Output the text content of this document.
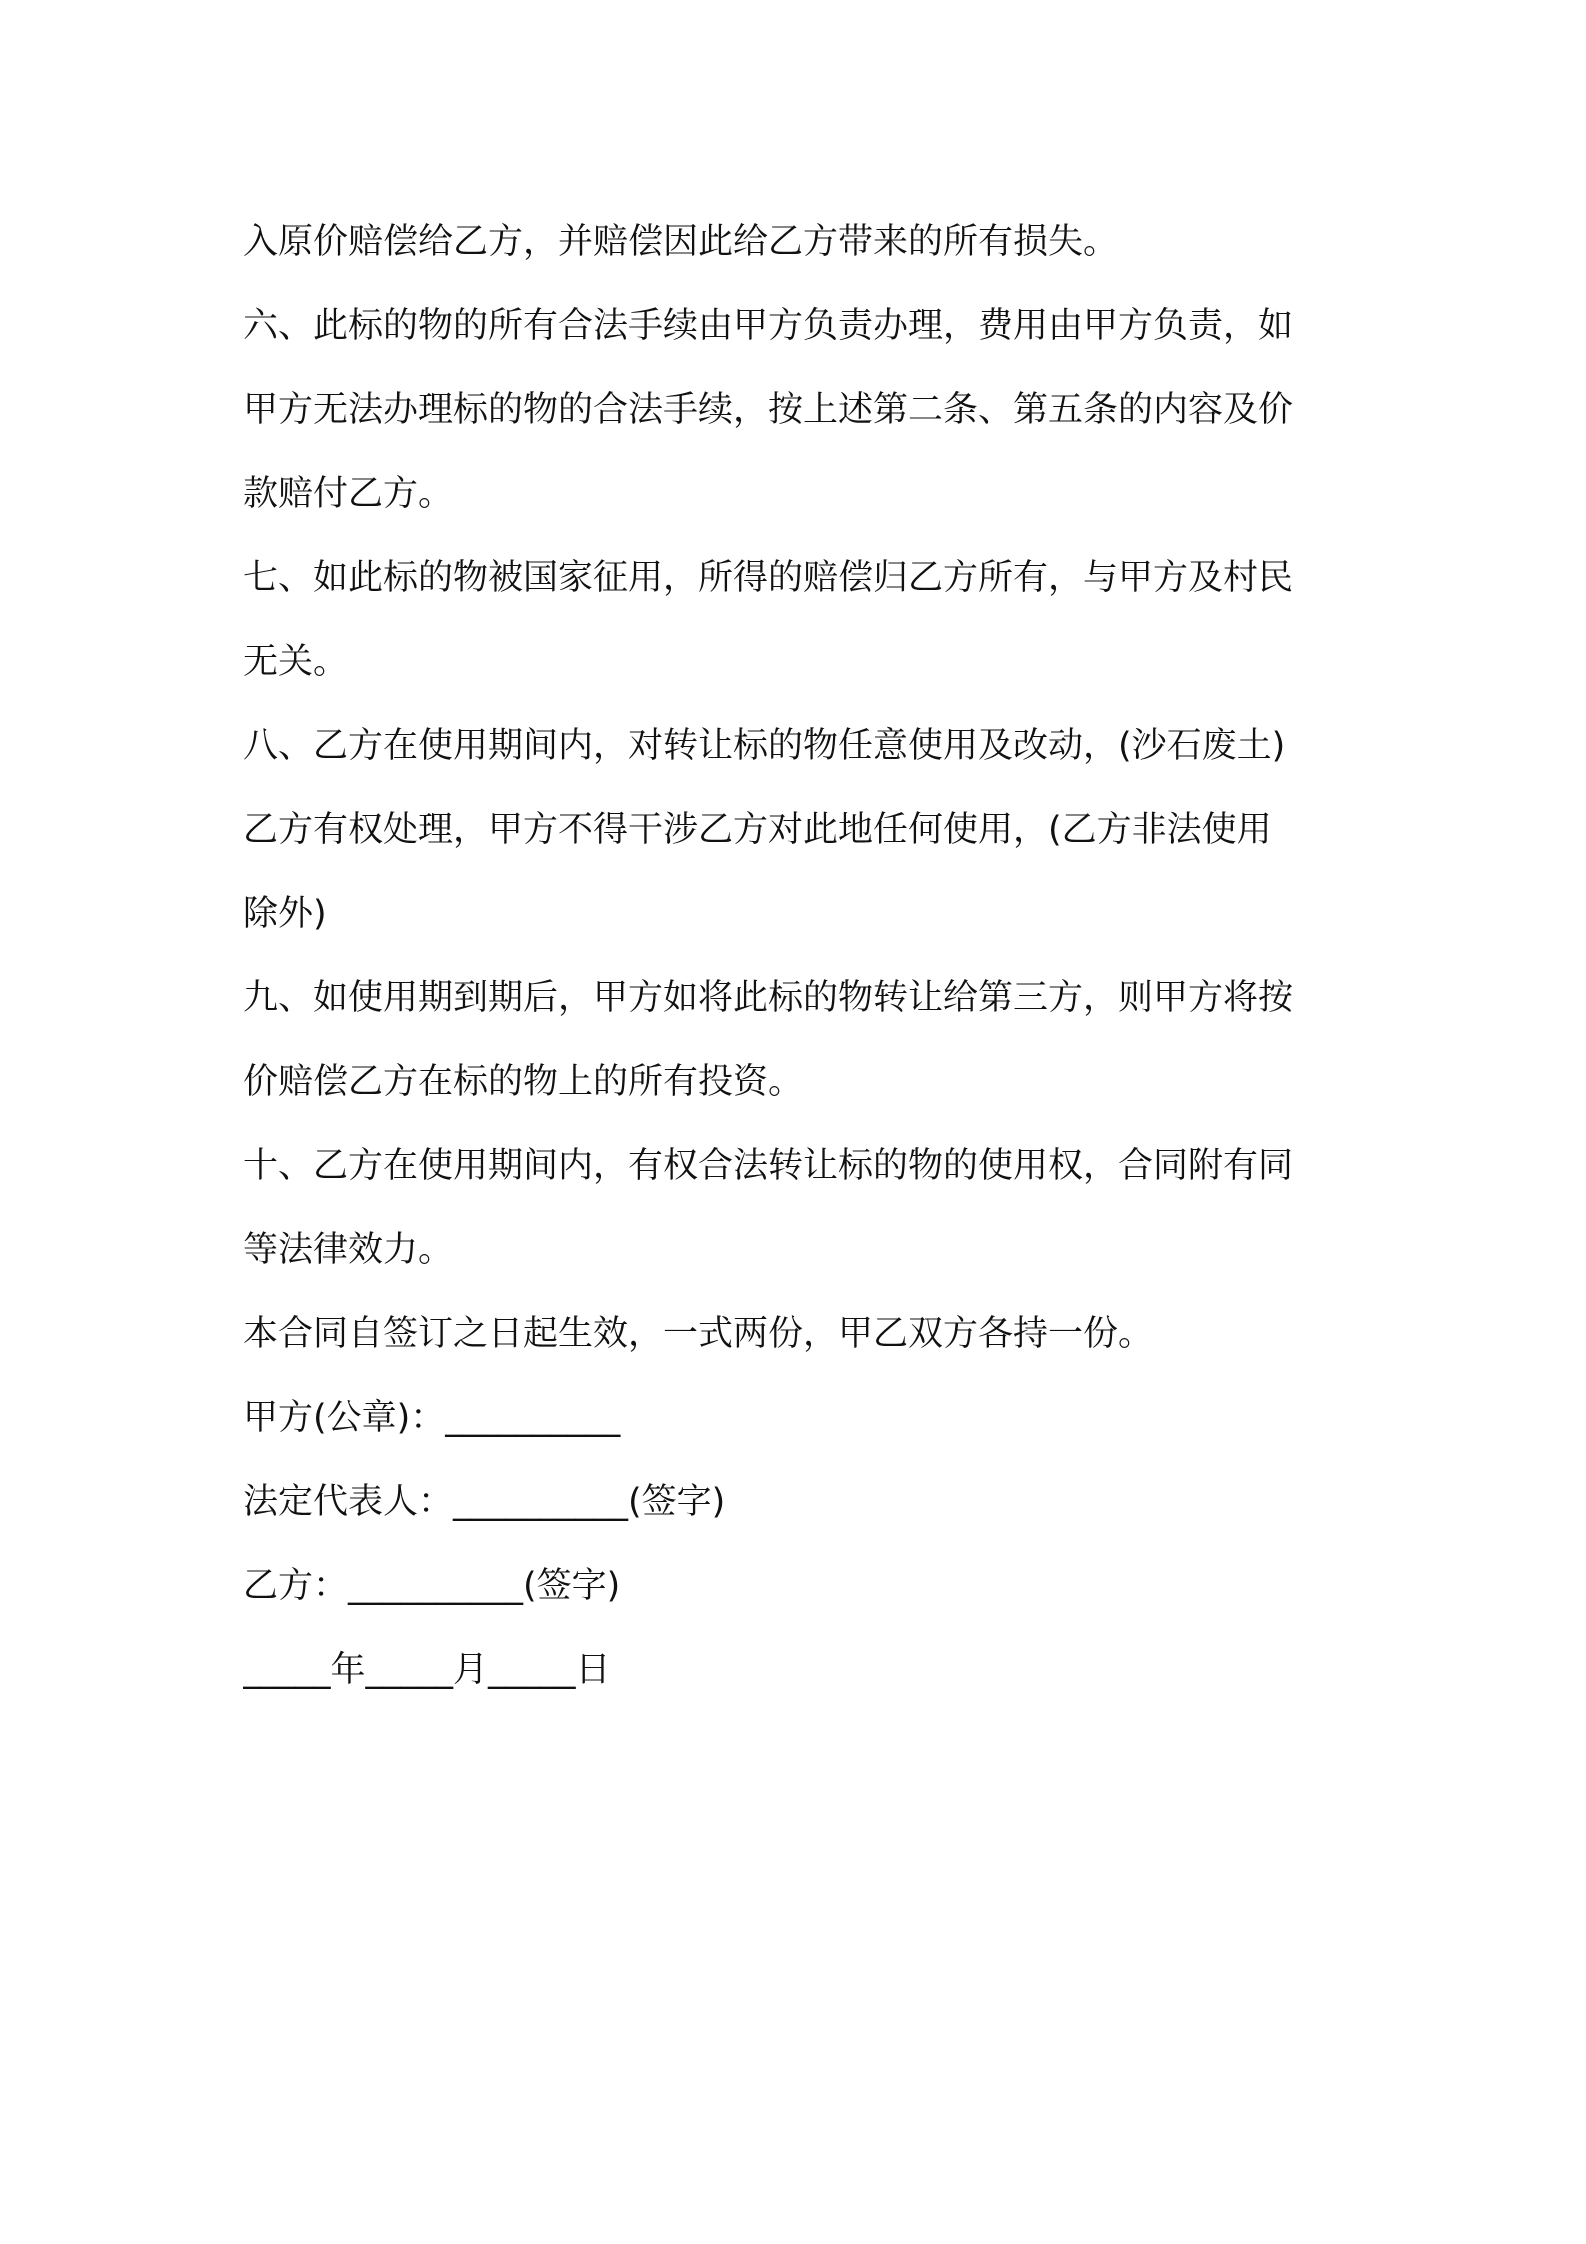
入原价赔偿给乙方，并赔偿因此给乙方带来的所有损失。
六、此标的物的所有合法手续由甲方负责办理，费用由甲方负责，如
甲方无法办理标的物的合法手续，按上述第二条、第五条的内容及价
款赔付乙方。
七、如此标的物被国家征用，所得的赔偿归乙方所有，与甲方及村民
无关。
八、乙方在使用期间内，对转让标的物任意使用及改动，(沙石废土)
乙方有权处理，甲方不得干涉乙方对此地任何使用，(乙方非法使用
除外)
九、如使用期到期后，甲方如将此标的物转让给第三方，则甲方将按
价赔偿乙方在标的物上的所有投资。
十、乙方在使用期间内，有权合法转让标的物的使用权，合同附有同
等法律效力。
本合同自签订之日起生效，一式两份，甲乙双方各持一份。
甲方(公章)：__________
法定代表人：__________(签字)
乙方：__________(签字)
_____年_____月_____日
